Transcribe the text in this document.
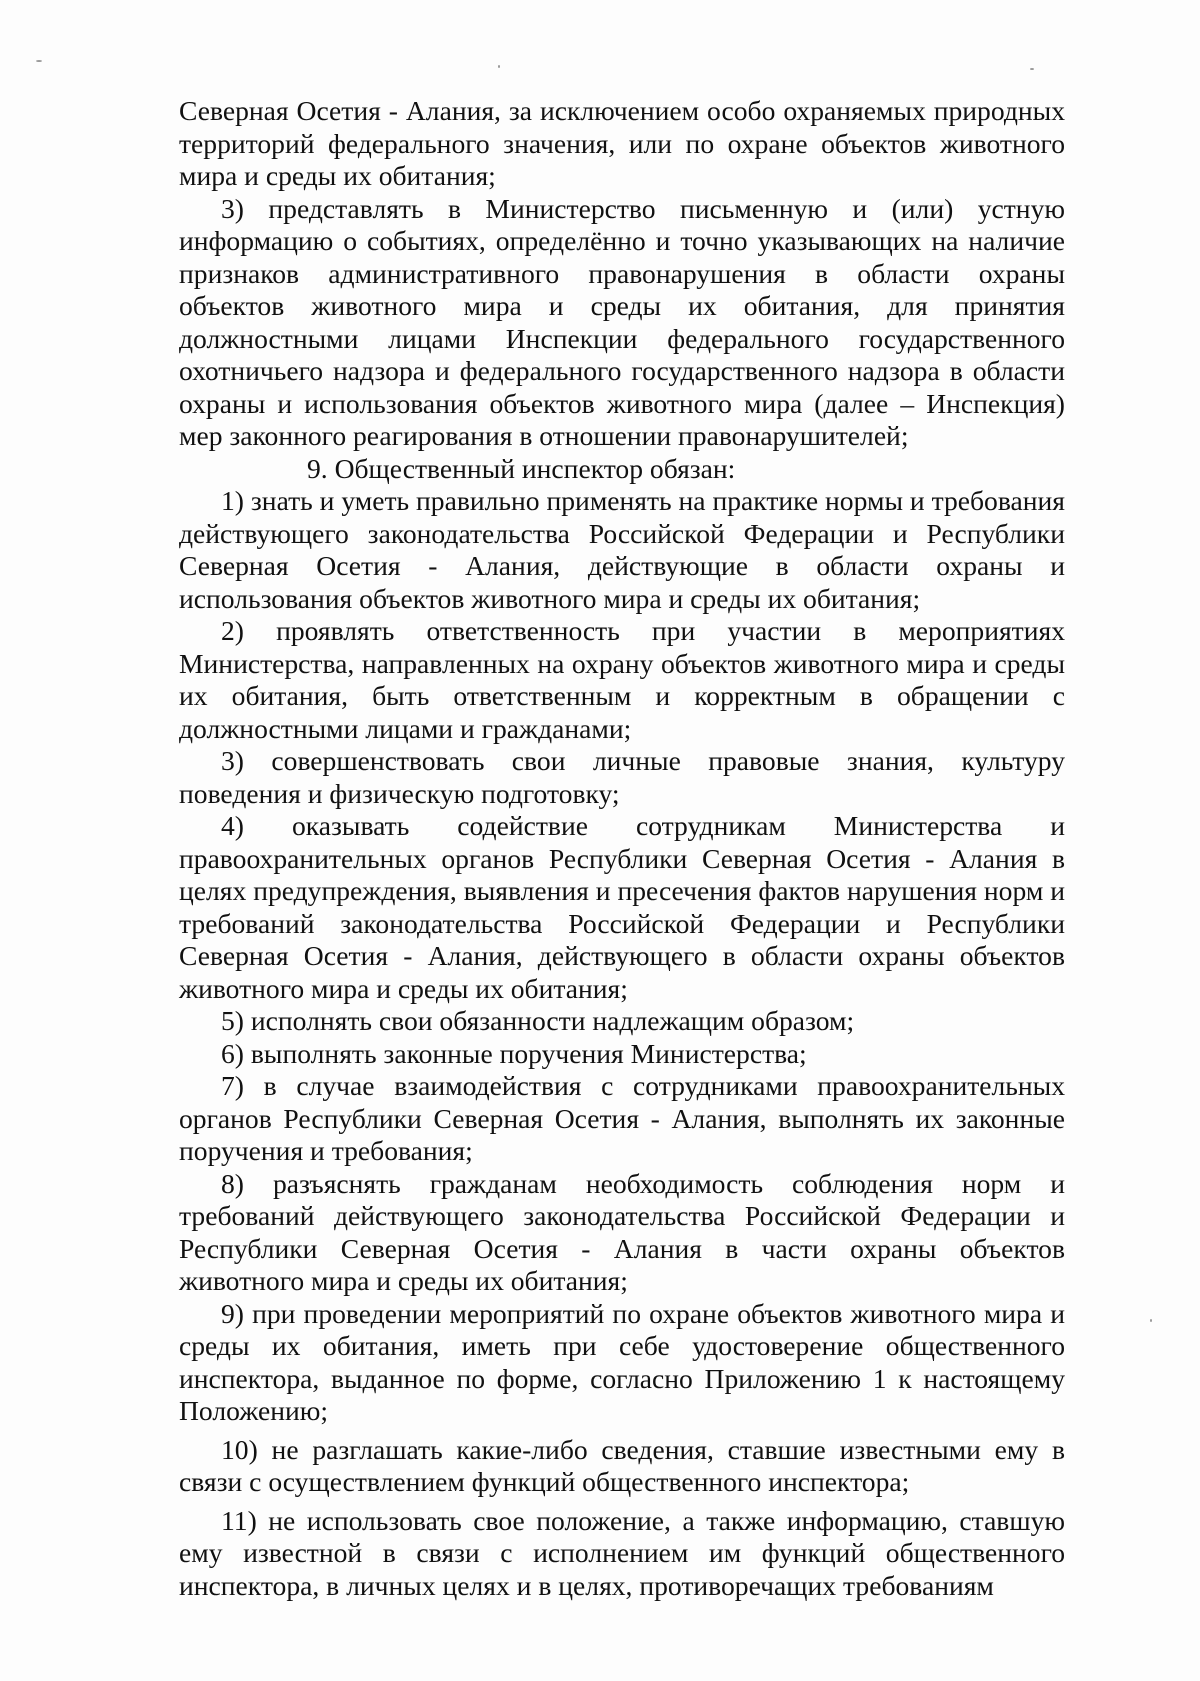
Северная Осетия - Алания, за исключением особо охраняемых природных территорий федерального значения, или по охране объектов животного мира и среды их обитания;

3) представлять в Министерство письменную и (или) устную информацию о событиях, определённо и точно указывающих на наличие признаков административного правонарушения в области охраны объектов животного мира и среды их обитания, для принятия должностными лицами Инспекции федерального государственного охотничьего надзора и федерального государственного надзора в области охраны и использования объектов животного мира (далее – Инспекция) мер законного реагирования в отношении правонарушителей;

9. Общественный инспектор обязан:

1) знать и уметь правильно применять на практике нормы и требования действующего законодательства Российской Федерации и Республики Северная Осетия - Алания, действующие в области охраны и использования объектов животного мира и среды их обитания;

2) проявлять ответственность при участии в мероприятиях Министерства, направленных на охрану объектов животного мира и среды их обитания, быть ответственным и корректным в обращении с должностными лицами и гражданами;

3) совершенствовать свои личные правовые знания, культуру поведения и физическую подготовку;

4) оказывать содействие сотрудникам Министерства и правоохранительных органов Республики Северная Осетия - Алания в целях предупреждения, выявления и пресечения фактов нарушения норм и требований законодательства Российской Федерации и Республики Северная Осетия - Алания, действующего в области охраны объектов животного мира и среды их обитания;

5) исполнять свои обязанности надлежащим образом;

6) выполнять законные поручения Министерства;

7) в случае взаимодействия с сотрудниками правоохранительных органов Республики Северная Осетия - Алания, выполнять их законные поручения и требования;

8) разъяснять гражданам необходимость соблюдения норм и требований действующего законодательства Российской Федерации и Республики Северная Осетия - Алания в части охраны объектов животного мира и среды их обитания;

9) при проведении мероприятий по охране объектов животного мира и среды их обитания, иметь при себе удостоверение общественного инспектора, выданное по форме, согласно Приложению 1 к настоящему Положению;

10) не разглашать какие-либо сведения, ставшие известными ему в связи с осуществлением функций общественного инспектора;

11) не использовать свое положение, а также информацию, ставшую ему известной в связи с исполнением им функций общественного инспектора, в личных целях и в целях, противоречащих требованиям
